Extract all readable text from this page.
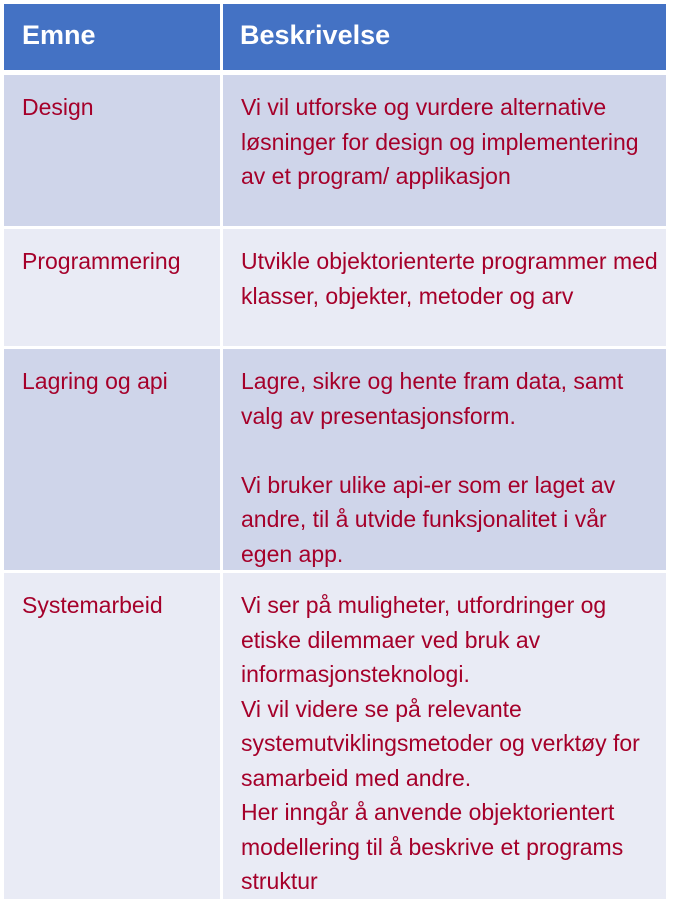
Emne	Beskrivelse
Design	Vi vil utforske og vurdere alternative løsninger for design og implementering av et program/ applikasjon
Programmering	Utvikle objektorienterte programmer med klasser, objekter, metoder og arv
Lagring og api	Lagre, sikre og hente fram data, samt valg av presentasjonsform.
Vi bruker ulike api-er som er laget av andre, til å utvide funksjonalitet i vår egen app.
Systemarbeid	Vi ser på muligheter, utfordringer og etiske dilemmaer ved bruk av informasjonsteknologi.
Vi vil videre se på relevante systemutviklingsmetoder og verktøy for samarbeid med andre.
Her inngår å anvende objektorientert modellering til å beskrive et programs struktur
